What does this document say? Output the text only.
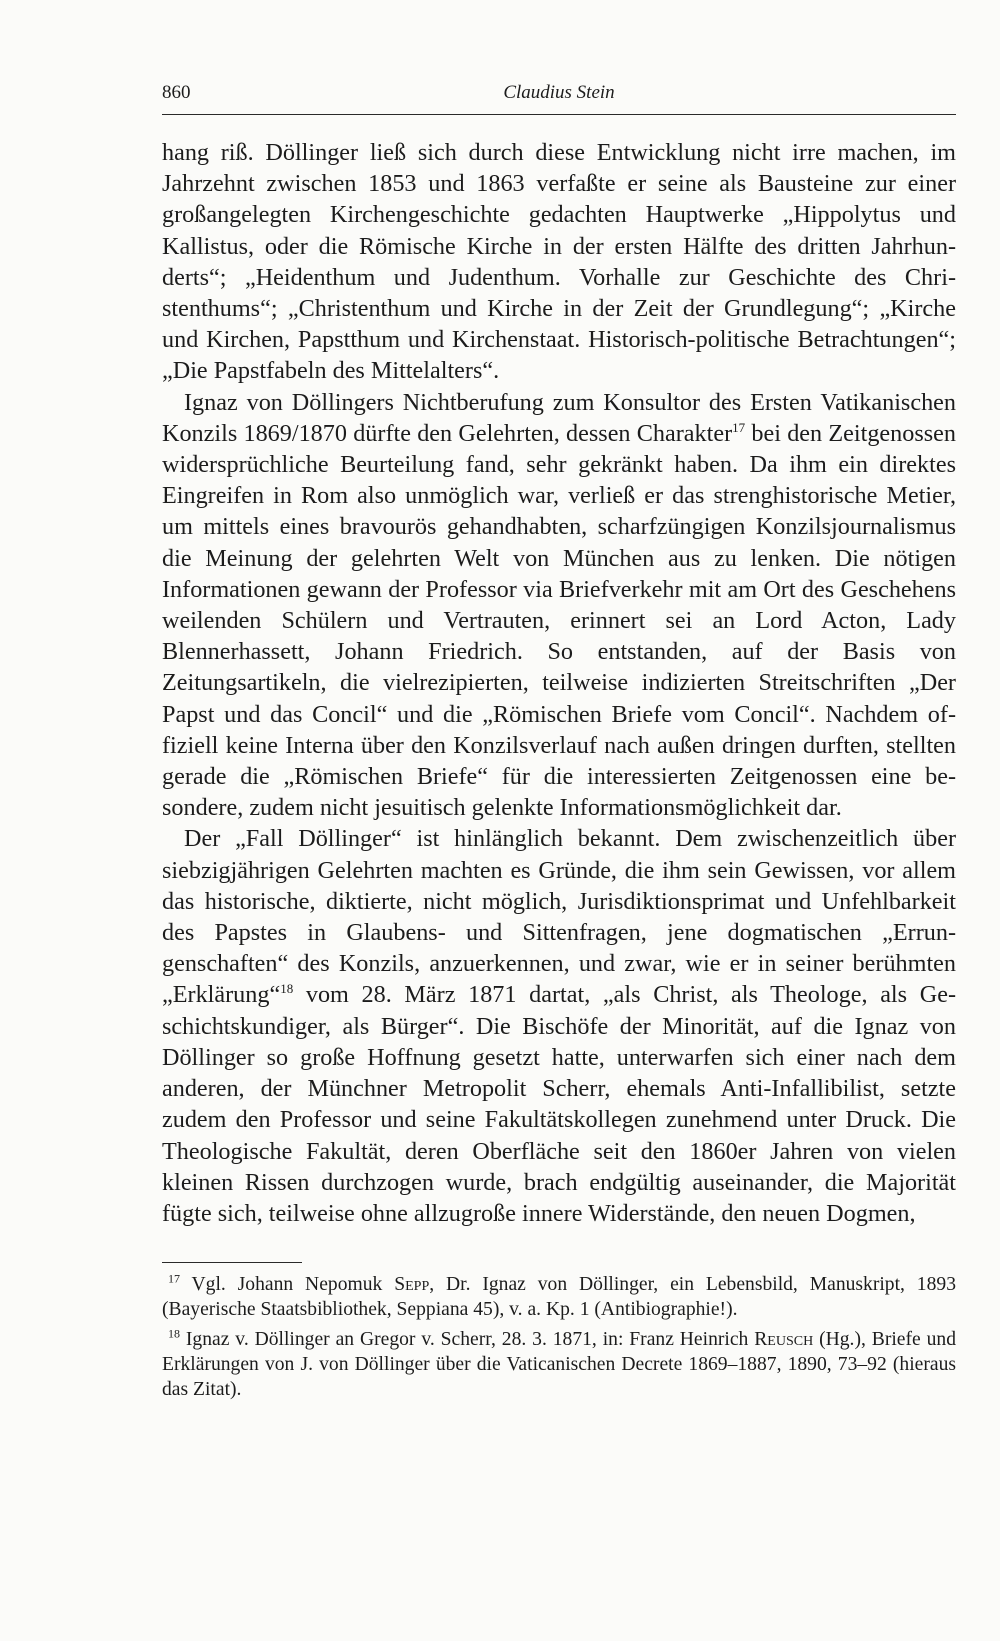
860	Claudius Stein

hang riß. Döllinger ließ sich durch diese Entwicklung nicht irre machen, im Jahrzehnt zwischen 1853 und 1863 verfaßte er seine als Bausteine zur einer großangelegten Kirchengeschichte gedachten Hauptwerke „Hippolytus und Kallistus, oder die Römische Kirche in der ersten Hälfte des dritten Jahrhunderts“; „Heidenthum und Judenthum. Vorhalle zur Geschichte des Christenthums“; „Christenthum und Kirche in der Zeit der Grundlegung“; „Kirche und Kirchen, Papstthum und Kirchenstaat. Historisch-politische Betrachtungen“; „Die Papstfabeln des Mittelalters“.

Ignaz von Döllingers Nichtberufung zum Konsultor des Ersten Vatikanischen Konzils 1869/1870 dürfte den Gelehrten, dessen Charakter$^{17}$ bei den Zeitgenossen widersprüchliche Beurteilung fand, sehr gekränkt haben. Da ihm ein direktes Eingreifen in Rom also unmöglich war, verließ er das strenghistorische Metier, um mittels eines bravourös gehandhabten, scharfzüngigen Konzilsjournalismus die Meinung der gelehrten Welt von München aus zu lenken. Die nötigen Informationen gewann der Professor via Briefverkehr mit am Ort des Geschehens weilenden Schülern und Vertrauten, erinnert sei an Lord Acton, Lady Blennerhassett, Johann Friedrich. So entstanden, auf der Basis von Zeitungsartikeln, die vielrezipierten, teilweise indizierten Streitschriften „Der Papst und das Concil“ und die „Römischen Briefe vom Concil“. Nachdem offiziell keine Interna über den Konzilsverlauf nach außen dringen durften, stellten gerade die „Römischen Briefe“ für die interessierten Zeitgenossen eine besondere, zudem nicht jesuitisch gelenkte Informationsmöglichkeit dar.

Der „Fall Döllinger“ ist hinlänglich bekannt. Dem zwischenzeitlich über siebzigjährigen Gelehrten machten es Gründe, die ihm sein Gewissen, vor allem das historische, diktierte, nicht möglich, Jurisdiktionsprimat und Unfehlbarkeit des Papstes in Glaubens- und Sittenfragen, jene dogmatischen „Errungenschaften“ des Konzils, anzuerkennen, und zwar, wie er in seiner berühmten „Erklärung“$^{18}$ vom 28. März 1871 dartat, „als Christ, als Theologe, als Geschichtskundiger, als Bürger“. Die Bischöfe der Minorität, auf die Ignaz von Döllinger so große Hoffnung gesetzt hatte, unterwarfen sich einer nach dem anderen, der Münchner Metropolit Scherr, ehemals Anti-Infallibilist, setzte zudem den Professor und seine Fakultätskollegen zunehmend unter Druck. Die Theologische Fakultät, deren Oberfläche seit den 1860er Jahren von vielen kleinen Rissen durchzogen wurde, brach endgültig auseinander, die Majorität fügte sich, teilweise ohne allzugroße innere Widerstände, den neuen Dogmen,

$^{17}$ Vgl. Johann Nepomuk Sepp, Dr. Ignaz von Döllinger, ein Lebensbild, Manuskript, 1893 (Bayerische Staatsbibliothek, Seppiana 45), v. a. Kp. 1 (Antibiographie!).

$^{18}$ Ignaz v. Döllinger an Gregor v. Scherr, 28. 3. 1871, in: Franz Heinrich Reusch (Hg.), Briefe und Erklärungen von J. von Döllinger über die Vaticanischen Decrete 1869–1887, 1890, 73–92 (hieraus das Zitat).
